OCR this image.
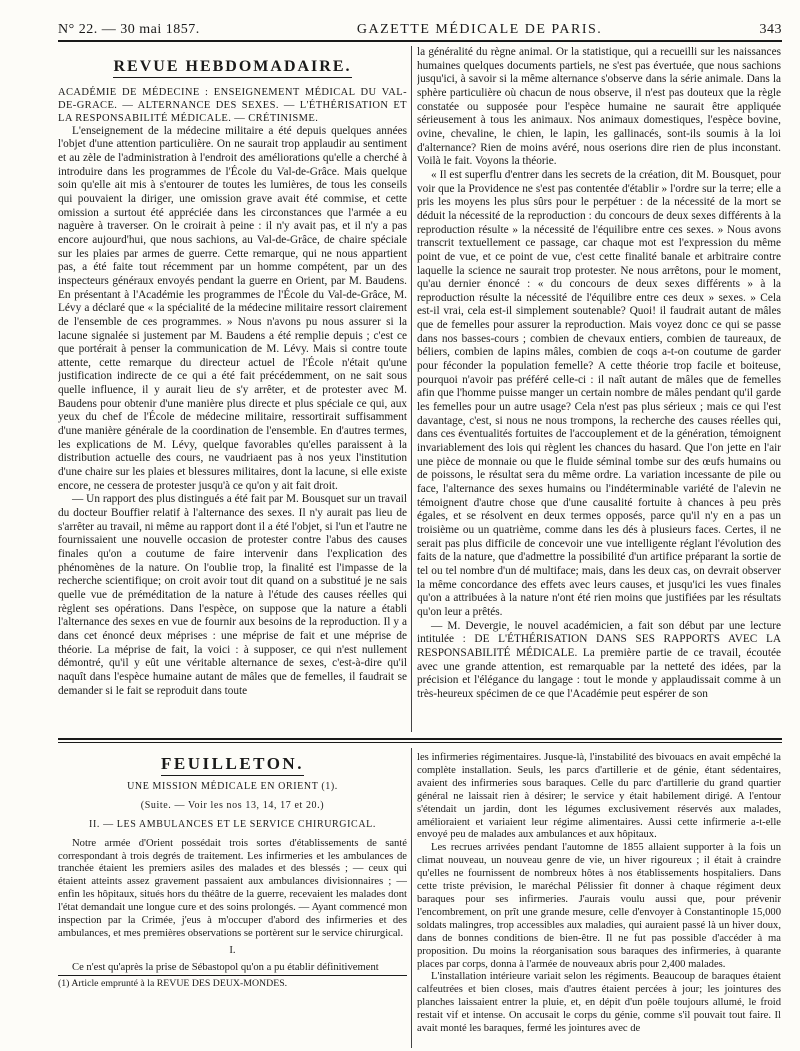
N° 22. — 30 mai 1857.	GAZETTE MÉDICALE DE PARIS.	343
REVUE HEBDOMADAIRE.

ACADÉMIE DE MÉDECINE : ENSEIGNEMENT MÉDICAL DU VAL-DE-GRACE. — ALTERNANCE DES SEXES. — L'ÉTHÉRISATION ET LA RESPONSABILITÉ MÉDICALE. — CRÉTINISME.

L'enseignement de la médecine militaire a été depuis quelques années l'objet d'une attention particulière. On ne saurait trop applaudir au sentiment et au zèle de l'administration à l'endroit des améliorations qu'elle a cherché à introduire dans les programmes de l'École du Val-de-Grâce. Mais quelque soin qu'elle ait mis à s'entourer de toutes les lumières, de tous les conseils qui pouvaient la diriger, une omission grave avait été commise, et cette omission a surtout été appréciée dans les circonstances que l'armée a eu naguère à traverser. On le croirait à peine : il n'y avait pas, et il n'y a pas encore aujourd'hui, que nous sachions, au Val-de-Grâce, de chaire spéciale sur les plaies par armes de guerre. Cette remarque, qui ne nous appartient pas, a été faite tout récemment par un homme compétent, par un des inspecteurs généraux envoyés pendant la guerre en Orient, par M. Baudens. En présentant à l'Académie les programmes de l'École du Val-de-Grâce, M. Lévy a déclaré que « la spécialité de la médecine militaire ressort clairement de l'ensemble de ces programmes. » Nous n'avons pu nous assurer si la lacune signalée si justement par M. Baudens a été remplie depuis ; c'est ce que portérait à penser la communication de M. Lévy. Mais si contre toute attente, cette remarque du directeur actuel de l'École n'était qu'une justification indirecte de ce qui a été fait précédemment, on ne sait sous quelle influence, il y aurait lieu de s'y arrêter, et de protester avec M. Baudens pour obtenir d'une manière plus directe et plus spéciale ce qui, aux yeux du chef de l'École de médecine militaire, ressortirait suffisamment d'une manière générale de la coordination de l'ensemble. En d'autres termes, les explications de M. Lévy, quelque favorables qu'elles paraissent à la distribution actuelle des cours, ne vaudriaent pas à nos yeux l'institution d'une chaire sur les plaies et blessures militaires, dont la lacune, si elle existe encore, ne cessera de protester jusqu'à ce qu'on y ait fait droit.

— Un rapport des plus distingués a été fait par M. Bousquet sur un travail du docteur Bouffier relatif à l'alternance des sexes. Il n'y aurait pas lieu de s'arrêter au travail, ni même au rapport dont il a été l'objet, si l'un et l'autre ne fournissaient une nouvelle occasion de protester contre l'abus des causes finales qu'on a coutume de faire intervenir dans l'explication des phénomènes de la nature. On l'oublie trop, la finalité est l'impasse de la recherche scientifique; on croit avoir tout dit quand on a substitué je ne sais quelle vue de préméditation de la nature à l'étude des causes réelles qui règlent ses opérations. Dans l'espèce, on suppose que la nature a établi l'alternance des sexes en vue de fournir aux besoins de la reproduction. Il y a dans cet énoncé deux méprises : une méprise de fait et une méprise de théorie. La méprise de fait, la voici : à supposer, ce qui n'est nullement démontré, qu'il y eût une véritable alternance de sexes, c'est-à-dire qu'il naquît dans l'espèce humaine autant de mâles que de femelles, il faudrait se demander si le fait se reproduit dans toute

la généralité du règne animal. Or la statistique, qui a recueilli sur les naissances humaines quelques documents partiels, ne s'est pas évertuée, que nous sachions jusqu'ici, à savoir si la même alternance s'observe dans la série animale. Dans la sphère particulière où chacun de nous observe, il n'est pas douteux que la règle constatée ou supposée pour l'espèce humaine ne saurait être appliquée sérieusement à tous les animaux. Nos animaux domestiques, l'espèce bovine, ovine, chevaline, le chien, le lapin, les gallinacés, sont-ils soumis à la loi d'alternance? Rien de moins avéré, nous oserions dire rien de plus inconstant. Voilà le fait. Voyons la théorie.

« Il est superflu d'entrer dans les secrets de la création, dit M. Bousquet, pour voir que la Providence ne s'est pas contentée d'établir » l'ordre sur la terre; elle a pris les moyens les plus sûrs pour le perpétuer : de la nécessité de la mort se déduit la nécessité de la reproduction : du concours de deux sexes différents à la reproduction résulte » la nécessité de l'équilibre entre ces sexes. » Nous avons transcrit textuellement ce passage, car chaque mot est l'expression du même point de vue, et ce point de vue, c'est cette finalité banale et arbitraire contre laquelle la science ne saurait trop protester. Ne nous arrêtons, pour le moment, qu'au dernier énoncé : « du concours de deux sexes différents » à la reproduction résulte la nécessité de l'équilibre entre ces deux » sexes. » Cela est-il vrai, cela est-il simplement soutenable? Quoi! il faudrait autant de mâles que de femelles pour assurer la reproduction. Mais voyez donc ce qui se passe dans nos basses-cours ; combien de chevaux entiers, combien de taureaux, de béliers, combien de lapins mâles, combien de coqs a-t-on coutume de garder pour féconder la population femelle? A cette théorie trop facile et boiteuse, pourquoi n'avoir pas préféré celle-ci : il naît autant de mâles que de femelles afin que l'homme puisse manger un certain nombre de mâles pendant qu'il garde les femelles pour un autre usage? Cela n'est pas plus sérieux ; mais ce qui l'est davantage, c'est, si nous ne nous trompons, la recherche des causes réelles qui, dans ces éventualités fortuites de l'accouplement et de la génération, témoignent invariablement des lois qui règlent les chances du hasard. Que l'on jette en l'air une pièce de monnaie ou que le fluide séminal tombe sur des œufs humains ou de poissons, le résultat sera du même ordre. La variation incessante de pile ou face, l'alternance des sexes humains ou l'indéterminable variété de l'alevin ne témoignent d'autre chose que d'une causalité fortuite à chances à peu près égales, et se résolvent en deux termes opposés, parce qu'il n'y en a pas un troisième ou un quatrième, comme dans les dés à plusieurs faces. Certes, il ne serait pas plus difficile de concevoir une vue intelligente réglant l'évolution des faits de la nature, que d'admettre la possibilité d'un artifice préparant la sortie de tel ou tel nombre d'un dé multiface; mais, dans les deux cas, on devrait observer la même concordance des effets avec leurs causes, et jusqu'ici les vues finales qu'on a attribuées à la nature n'ont été rien moins que justifiées par les résultats qu'on leur a prêtés.

— M. Devergie, le nouvel académicien, a fait son début par une lecture intitulée : DE L'ÉTHÉRISATION DANS SES RAPPORTS AVEC LA RESPONSABILITÉ MÉDICALE. La première partie de ce travail, écoutée avec une grande attention, est remarquable par la netteté des idées, par la précision et l'élégance du langage : tout le monde y applaudissait comme à un très-heureux spécimen de ce que l'Académie peut espérer de son

FEUILLETON.
UNE MISSION MÉDICALE EN ORIENT (1).
(Suite. — Voir les nos 13, 14, 17 et 20.)
II. — LES AMBULANCES ET LE SERVICE CHIRURGICAL.

Notre armée d'Orient possédait trois sortes d'établissements de santé correspondant à trois degrés de traitement. Les infirmeries et les ambulances de tranchée étaient les premiers asiles des malades et des blessés ; — ceux qui étaient atteints assez gravement passaient aux ambulances divisionnaires ; — enfin les hôpitaux, situés hors du théâtre de la guerre, recevaient les malades dont l'état demandait une longue cure et des soins prolongés. — Ayant commencé mon inspection par la Crimée, j'eus à m'occuper d'abord des infirmeries et des ambulances, et mes premières observations se portèrent sur le service chirurgical.

I.

Ce n'est qu'après la prise de Sébastopol qu'on a pu établir définitivement

(1) Article emprunté à la REVUE DES DEUX-MONDES.

les infirmeries régimentaires. Jusque-là, l'instabilité des bivouacs en avait empêché la complète installation. Seuls, les parcs d'artillerie et de génie, étant sédentaires, avaient des infirmeries sous baraques. Celle du parc d'artillerie du grand quartier général ne laissait rien à désirer; le service y était habilement dirigé. A l'entour s'étendait un jardin, dont les légumes exclusivement réservés aux malades, amélioraient et variaient leur régime alimentaires. Aussi cette infirmerie a-t-elle envoyé peu de malades aux ambulances et aux hôpitaux.

Les recrues arrivées pendant l'automne de 1855 allaient supporter à la fois un climat nouveau, un nouveau genre de vie, un hiver rigoureux ; il était à craindre qu'elles ne fournissent de nombreux hôtes à nos établissements hospitaliers. Dans cette triste prévision, le maréchal Pélissier fit donner à chaque régiment deux baraques pour ses infirmeries. J'aurais voulu aussi que, pour prévenir l'encombrement, on prît une grande mesure, celle d'envoyer à Constantinople 15,000 soldats malingres, trop accessibles aux maladies, qui auraient passé là un hiver doux, dans de bonnes conditions de bien-être. Il ne fut pas possible d'accéder à ma proposition. Du moins la réorganisation sous baraques des infirmeries, à quarante places par corps, donna à l'armée de nouveaux abris pour 2,400 malades.

L'installation intérieure variait selon les régiments. Beaucoup de baraques étaient calfeutrées et bien closes, mais d'autres étaient percées à jour; les jointures des planches laissaient entrer la pluie, et, en dépit d'un poêle toujours allumé, le froid restait vif et intense. On accusait le corps du génie, comme s'il pouvait tout faire. Il avait monté les baraques, fermé les jointures avec de
